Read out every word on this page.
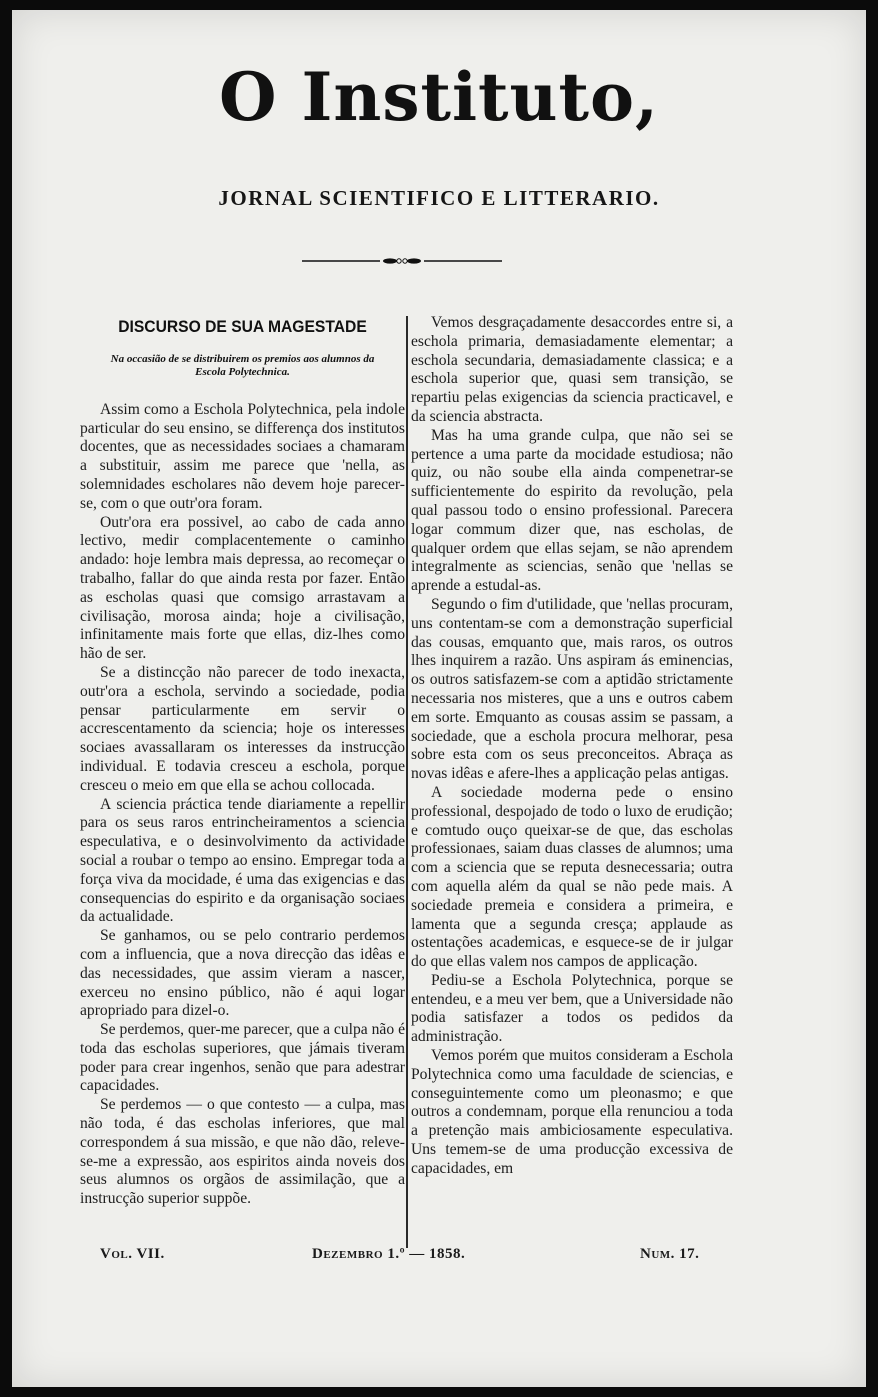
O Instituto,
JORNAL SCIENTIFICO E LITTERARIO.
DISCURSO DE SUA MAGESTADE
Na occasião de se distribuirem os premios aos alumnos da Escola Polytechnica.

Assim como a Eschola Polytechnica, pela indole particular do seu ensino, se differença dos institutos docentes, que as necessidades sociaes a chamaram a substituir, assim me parece que 'nella, as solemnidades escholares não devem hoje parecer-se, com o que outr'ora foram.

Outr'ora era possivel, ao cabo de cada anno lectivo, medir complacentemente o caminho andado: hoje lembra mais depressa, ao recomeçar o trabalho, fallar do que ainda resta por fazer. Então as escholas quasi que comsigo arrastavam a civilisação, morosa ainda; hoje a civilisação, infinitamente mais forte que ellas, diz-lhes como hão de ser.

Se a distincção não parecer de todo inexacta, outr'ora a eschola, servindo a sociedade, podia pensar particularmente em servir o accrescentamento da sciencia; hoje os interesses sociaes avassallaram os interesses da instrucção individual. E todavia cresceu a eschola, porque cresceu o meio em que ella se achou collocada.

A sciencia práctica tende diariamente a repellir para os seus raros entrincheiramentos a sciencia especulativa, e o desinvolvimento da actividade social a roubar o tempo ao ensino. Empregar toda a força viva da mocidade, é uma das exigencias e das consequencias do espirito e da organisação sociaes da actualidade.

Se ganhamos, ou se pelo contrario perdemos com a influencia, que a nova direcção das idêas e das necessidades, que assim vieram a nascer, exerceu no ensino público, não é aqui logar apropriado para dizel-o.

Se perdemos, quer-me parecer, que a culpa não é toda das escholas superiores, que jámais tiveram poder para crear ingenhos, senão que para adestrar capacidades.

Se perdemos — o que contesto — a culpa, mas não toda, é das escholas inferiores, que mal correspondem á sua missão, e que não dão, releve-se-me a expressão, aos espiritos ainda noveis dos seus alumnos os orgãos de assimilação, que a instrucção superior suppõe.

Vemos desgraçadamente desaccordes entre si, a eschola primaria, demasiadamente elementar; a eschola secundaria, demasiadamente classica; e a eschola superior que, quasi sem transição, se repartiu pelas exigencias da sciencia practicavel, e da sciencia abstracta.

Mas ha uma grande culpa, que não sei se pertence a uma parte da mocidade estudiosa; não quiz, ou não soube ella ainda compenetrar-se sufficientemente do espirito da revolução, pela qual passou todo o ensino professional. Parecera logar commum dizer que, nas escholas, de qualquer ordem que ellas sejam, se não aprendem integralmente as sciencias, senão que 'nellas se aprende a estudal-as.

Segundo o fim d'utilidade, que 'nellas procuram, uns contentam-se com a demonstração superficial das cousas, emquanto que, mais raros, os outros lhes inquirem a razão. Uns aspiram ás eminencias, os outros satisfazem-se com a aptidão strictamente necessaria nos misteres, que a uns e outros cabem em sorte. Emquanto as cousas assim se passam, a sociedade, que a eschola procura melhorar, pesa sobre esta com os seus preconceitos. Abraça as novas idêas e afere-lhes a applicação pelas antigas.

A sociedade moderna pede o ensino professional, despojado de todo o luxo de erudição; e comtudo ouço queixar-se de que, das escholas professionaes, saiam duas classes de alumnos; uma com a sciencia que se reputa desnecessaria; outra com aquella além da qual se não pede mais. A sociedade premeia e considera a primeira, e lamenta que a segunda cresça; applaude as ostentações academicas, e esquece-se de ir julgar do que ellas valem nos campos de applicação.

Pediu-se a Eschola Polytechnica, porque se entendeu, e a meu ver bem, que a Universidade não podia satisfazer a todos os pedidos da administração.

Vemos porém que muitos consideram a Eschola Polytechnica como uma faculdade de sciencias, e conseguintemente como um pleonasmo; e que outros a condemnam, porque ella renunciou a toda a pretenção mais ambiciosamente especulativa. Uns temem-se de uma producção excessiva de capacidades, em

Vol. VII.	Dezembro 1.º — 1858.	Num. 17.
